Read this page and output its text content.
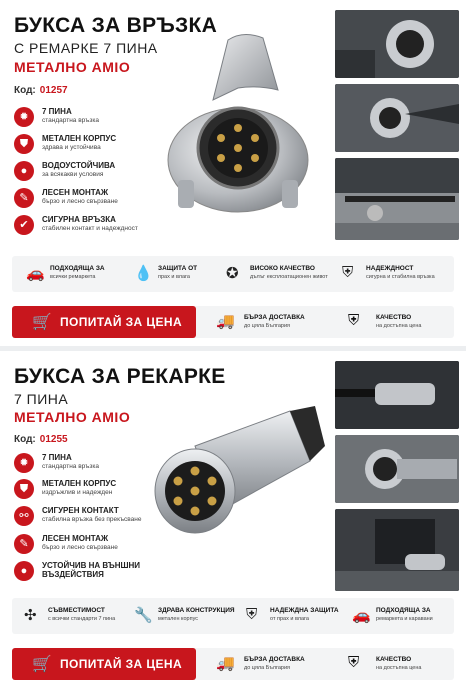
БУКСА ЗА ВРЪЗКА
С РЕМАРКЕ 7 ПИНА
МЕТАЛНО AMIO
Код: 01257
✹	7 ПИНА
стандартна връзка
⛊	МЕТАЛЕН КОРПУС
здрава и устойчива
●	ВОДОУСТОЙЧИВА
за всякакви условия
✎	ЛЕСЕН МОНТАЖ
бързо и лесно свързване
✔	СИГУРНА ВРЪЗКА
стабилен контакт и надеждност
🚗 ПОДХОДЯЩА ЗА
всички ремаркета	💧 ЗАЩИТА ОТ
прах и влага ✪ ВИСОКО КАЧЕСТВО
дълъг експлоатационен живот ⛨ НАДЕЖДНОСТ
сигурна и стабилна връзка
🛒 ПОПИТАЙ ЗА ЦЕНА 🚚 БЪРЗА ДОСТАВКА
до цяла България	⛨	КАЧЕСТВО
на достъпна цена
БУКСА ЗА РЕКАРКЕ
7 ПИНА
МЕТАЛНО AMIO
Код: 01255
✹	7 ПИНА
стандартна връзка
⛊	МЕТАЛЕН КОРПУС
издръжлив и надежден
⚯	СИГУРЕН КОНТАКТ
стабилна връзка без прекъсване
✎	ЛЕСЕН МОНТАЖ
бързо и лесно свързване
●	УСТОЙЧИВ НА ВЪНШНИ
ВЪЗДЕЙСТВИЯ
✣ СЪВМЕСТИМОСТ
с всички стандарти 7 пина 🔧 ЗДРАВА КОНСТРУКЦИЯ
метален корпус	⛨ НАДЕЖДНА ЗАЩИТА
от прах и влага	🚗 ПОДХОДЯЩА ЗА
ремаркета и каравани
🛒 ПОПИТАЙ ЗА ЦЕНА 🚚 БЪРЗА ДОСТАВКА
до цяла България	⛨	КАЧЕСТВО
на достъпна цена
